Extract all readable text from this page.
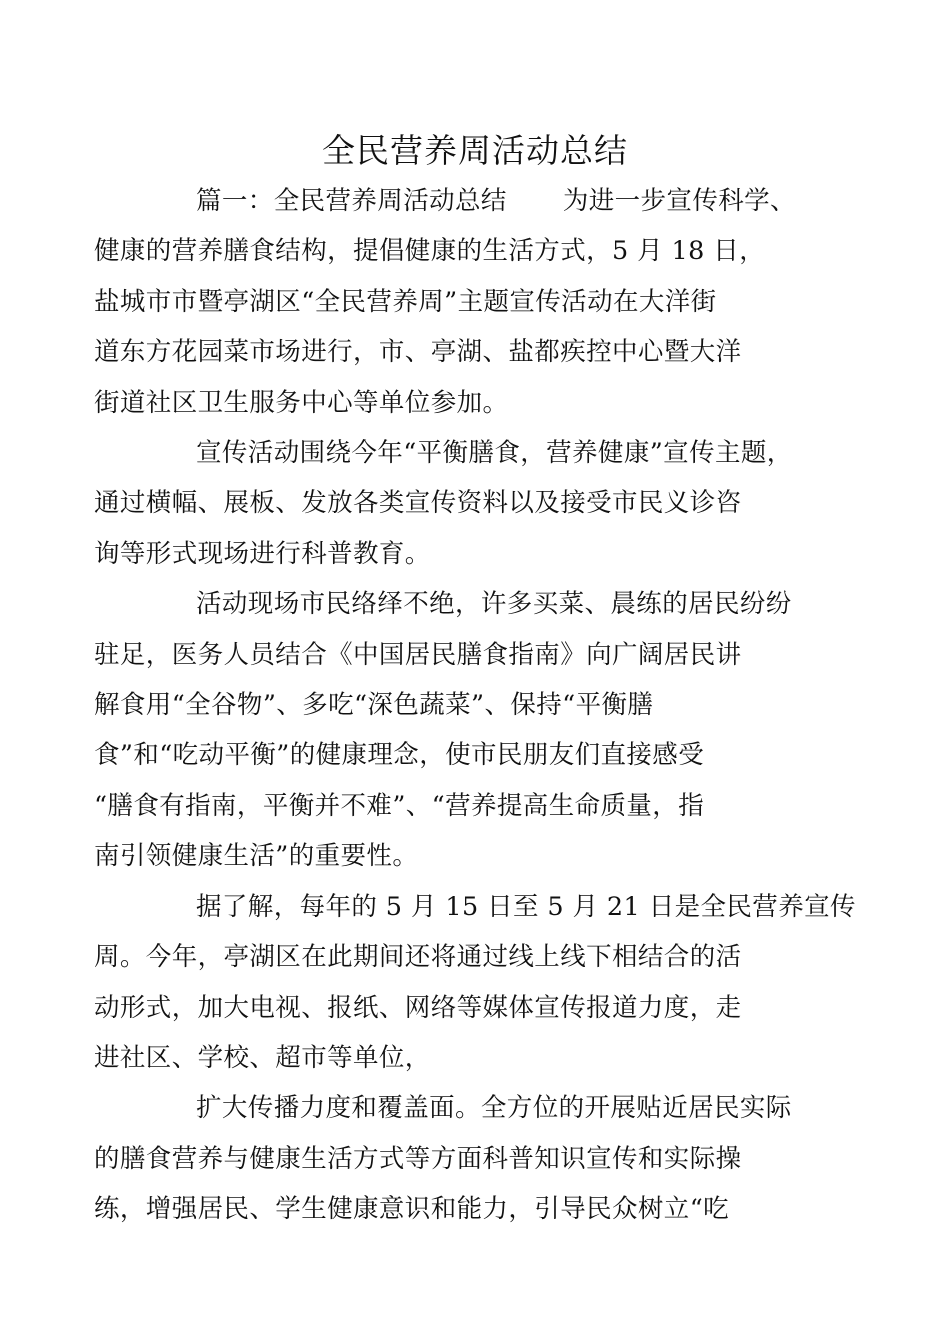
全民营养周活动总结

篇一：全民营养周活动总结 为进一步宣传科学、
健康的营养膳食结构，提倡健康的生活方式，5 月 18 日，
盐城市市暨亭湖区“全民营养周”主题宣传活动在大洋街
道东方花园菜市场进行，市、亭湖、盐都疾控中心暨大洋
街道社区卫生服务中心等单位参加。

宣传活动围绕今年“平衡膳食，营养健康”宣传主题，
通过横幅、展板、发放各类宣传资料以及接受市民义诊咨
询等形式现场进行科普教育。

活动现场市民络绎不绝，许多买菜、晨练的居民纷纷
驻足，医务人员结合《中国居民膳食指南》向广阔居民讲
解食用“全谷物”、多吃“深色蔬菜”、保持“平衡膳
食”和“吃动平衡”的健康理念，使市民朋友们直接感受
“膳食有指南，平衡并不难”、“营养提高生命质量，指
南引领健康生活”的重要性。

据了解，每年的 5 月 15 日至 5 月 21 日是全民营养宣传
周。今年，亭湖区在此期间还将通过线上线下相结合的活
动形式，加大电视、报纸、网络等媒体宣传报道力度，走
进社区、学校、超市等单位，

扩大传播力度和覆盖面。全方位的开展贴近居民实际
的膳食营养与健康生活方式等方面科普知识宣传和实际操
练，增强居民、学生健康意识和能力，引导民众树立“吃
